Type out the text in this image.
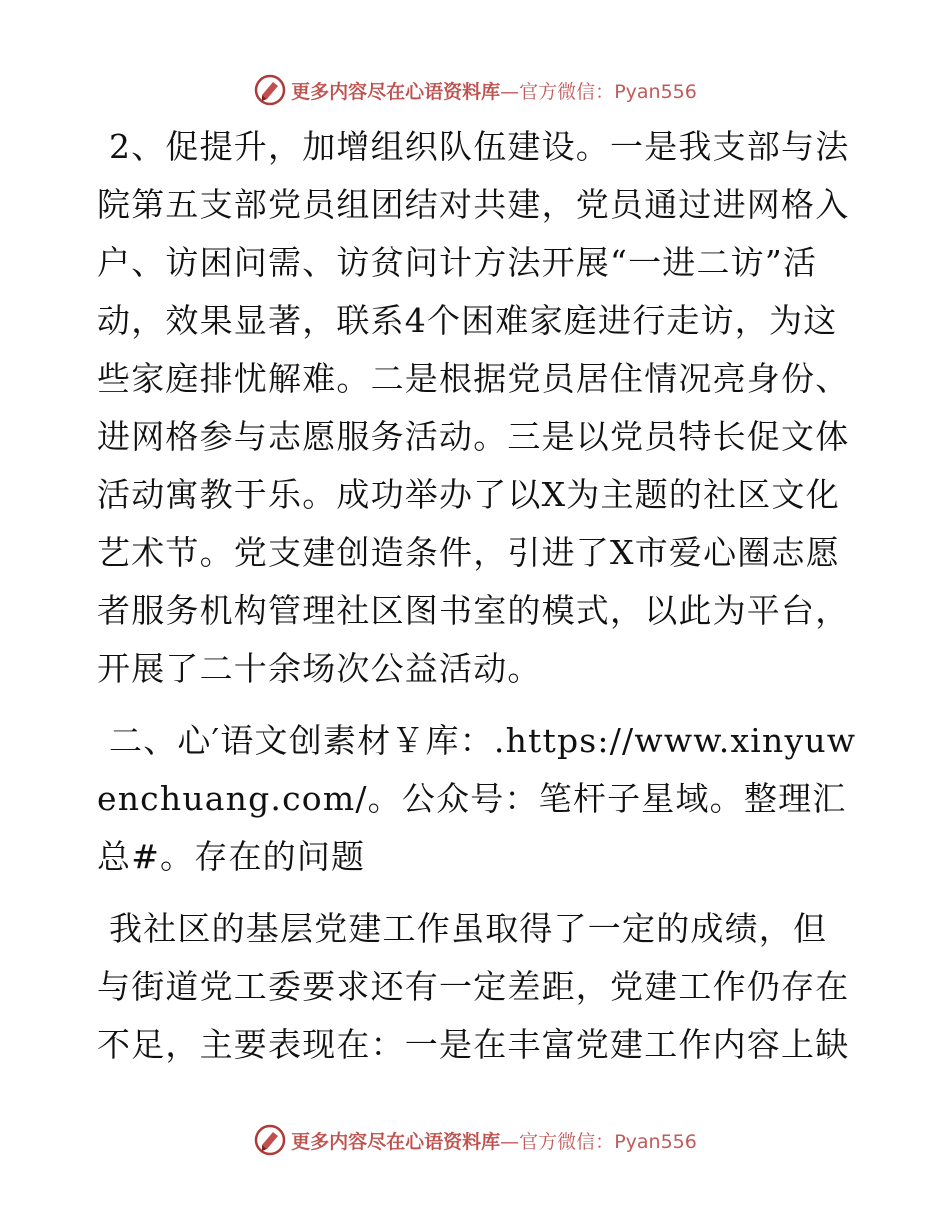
更多内容尽在心语资料库—官方微信：Pyan556

2、促提升，加增组织队伍建设。一是我支部与法院第五支部党员组团结对共建，党员通过进网格入户、访困问需、访贫问计方法开展“一进二访”活动，效果显著，联系4个困难家庭进行走访，为这些家庭排忧解难。二是根据党员居住情况亮身份、进网格参与志愿服务活动。三是以党员特长促文体活动寓教于乐。成功举办了以X为主题的社区文化艺术节。党支建创造条件，引进了X市爱心圈志愿者服务机构管理社区图书室的模式，以此为平台，开展了二十余场次公益活动。

二、心′语文创素材￥库：.https://www.xinyuwenchuang.com/。公众号：笔杆子星域。整理汇总#。存在的问题

我社区的基层党建工作虽取得了一定的成绩，但与街道党工委要求还有一定差距，党建工作仍存在不足，主要表现在：一是在丰富党建工作内容上缺

更多内容尽在心语资料库—官方微信：Pyan556
